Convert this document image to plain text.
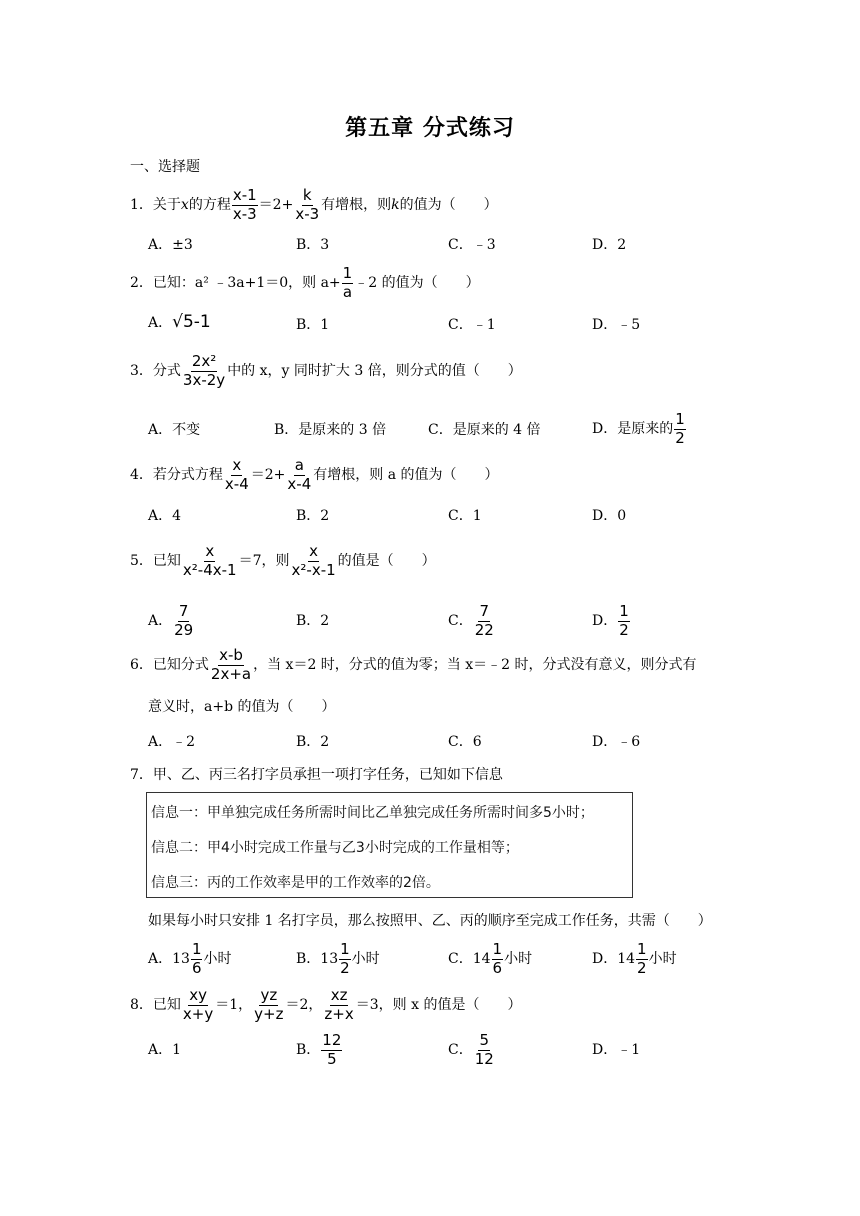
第五章 分式练习
一、选择题
1．关于 x 的方程 $\frac{x-1}{x-3} =2+ \frac{k}{x-3}$ 有增根，则 k 的值为（　　）
A．±3	B．3	C．﹣3	D．2
2．已知： a² ﹣3a+1＝0，则 $a+ \frac{1}{a}$ ﹣2 的值为（　　）
A． √5-1	B．1	C．﹣1	D．﹣5
3．分式 $\frac{\text{2x²}}{3x-2y}$ 中的 x，y 同时扩大 3 倍，则分式的值（　　）
A．不变	B．是原来的 3 倍	C．是原来的 4 倍	D．是原来的 $\frac{1}{2}$
4．若分式方程 $\frac{x}{x-4} =2+ \frac{a}{x-4}$ 有增根，则 a 的值为（　　）
A．4	B．2	C．1	D．0
5．已知 $\frac{x}{\text{x²-4x-1}} =7$，则 $\frac{x}{\text{x²-x-1}}$ 的值是（　　）
A． $\frac{7}{29}$	B．2	C． $\frac{7}{22}$	D． $\frac{1}{2}$
6．已知分式 $\frac{x-b}{2x+a}$ ，当 x＝2 时，分式的值为零；当 x＝﹣2 时，分式没有意义，则分式有
意义时，a+b 的值为（　　）
A．﹣2	B．2	C．6	D．﹣6
7．甲、乙、丙三名打字员承担一项打字任务，已知如下信息
信息一：甲单独完成任务所需时间比乙单独完成任务所需时间多5小时；
信息二：甲4小时完成工作量与乙3小时完成的工作量相等；
信息三：丙的工作效率是甲的工作效率的2倍。
如果每小时只安排 1 名打字员，那么按照甲、乙、丙的顺序至完成工作任务，共需（　　）
A．$13 \frac{1}{6}$ 小时	B．$13 \frac{1}{2}$ 小时	C．$14 \frac{1}{6}$ 小时	D．$14 \frac{1}{2}$ 小时
8．已知 $\frac{xy}{x+y} =1$， $\frac{yz}{y+z} =2$， $\frac{xz}{z+x} =3$，则 x 的值是（　　）
A．1	B． $\frac{12}{5}$	C． $\frac{5}{12}$	D．﹣1
